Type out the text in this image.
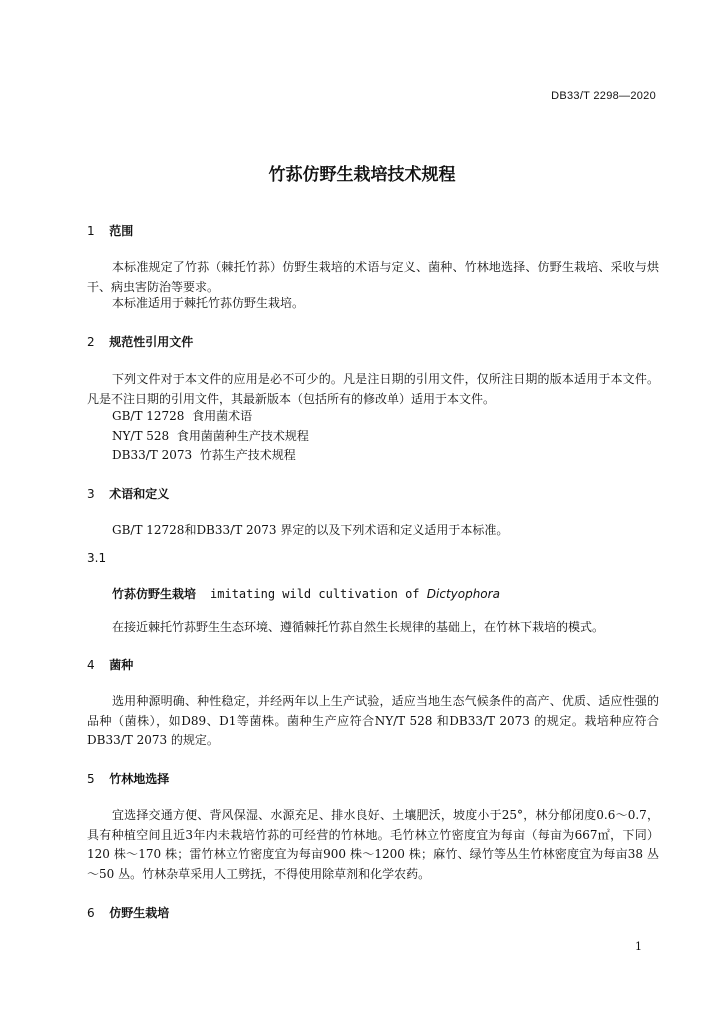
DB33/T 2298—2020
竹荪仿野生栽培技术规程
1 范围
本标准规定了竹荪（棘托竹荪）仿野生栽培的术语与定义、菌种、竹林地选择、仿野生栽培、采收与烘干、病虫害防治等要求。
本标准适用于棘托竹荪仿野生栽培。
2 规范性引用文件
下列文件对于本文件的应用是必不可少的。凡是注日期的引用文件，仅所注日期的版本适用于本文件。凡是不注日期的引用文件，其最新版本（包括所有的修改单）适用于本文件。
GB/T 12728 食用菌术语
NY/T 528 食用菌菌种生产技术规程
DB33/T 2073 竹荪生产技术规程
3 术语和定义
GB/T 12728和DB33/T 2073 界定的以及下列术语和定义适用于本标准。
3.1
竹荪仿野生栽培 imitating wild cultivation of Dictyophora
在接近棘托竹荪野生生态环境、遵循棘托竹荪自然生长规律的基础上，在竹林下栽培的模式。
4 菌种
选用种源明确、种性稳定，并经两年以上生产试验，适应当地生态气候条件的高产、优质、适应性强的品种（菌株），如D89、D1等菌株。菌种生产应符合NY/T 528 和DB33/T 2073 的规定。栽培种应符合DB33/T 2073 的规定。
5 竹林地选择
宜选择交通方便、背风保湿、水源充足、排水良好、土壤肥沃，坡度小于25°，林分郁闭度0.6～0.7，具有种植空间且近3年内未栽培竹荪的可经营的竹林地。毛竹林立竹密度宜为每亩（每亩为667㎡，下同）120 株～170 株；雷竹林立竹密度宜为每亩900 株～1200 株；麻竹、绿竹等丛生竹林密度宜为每亩38 丛～50 丛。竹林杂草采用人工劈抚，不得使用除草剂和化学农药。
6 仿野生栽培
1
